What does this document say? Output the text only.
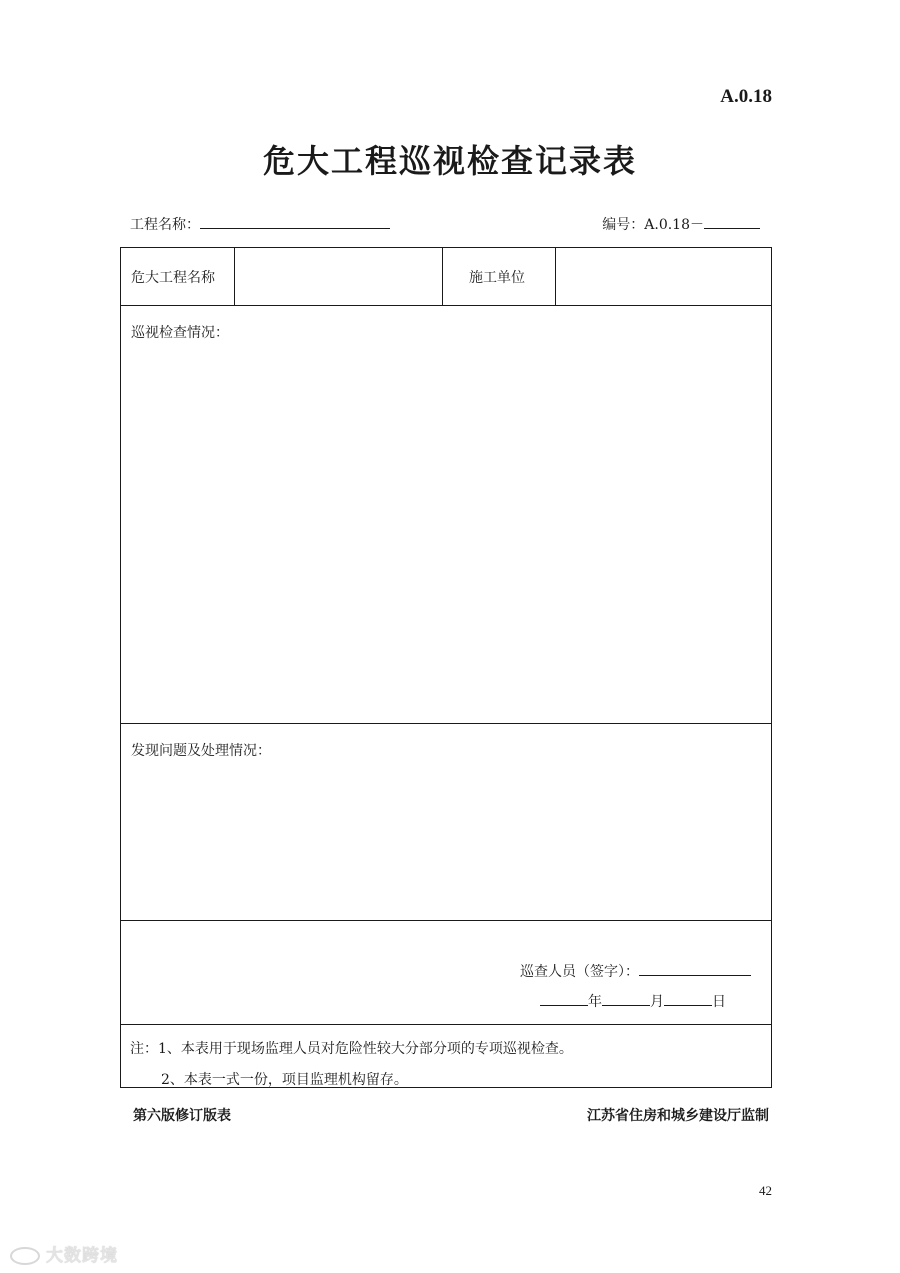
A.0.18
危大工程巡视检查记录表
工程名称：	编号：A.0.18－
危大工程名称	施工单位
巡视检查情况：
发现问题及处理情况：
巡查人员（签字）：
年	月	日
注：1、本表用于现场监理人员对危险性较大分部分项的专项巡视检查。
2、本表一式一份，项目监理机构留存。
第六版修订版表	江苏省住房和城乡建设厅监制
42
大数跨境
